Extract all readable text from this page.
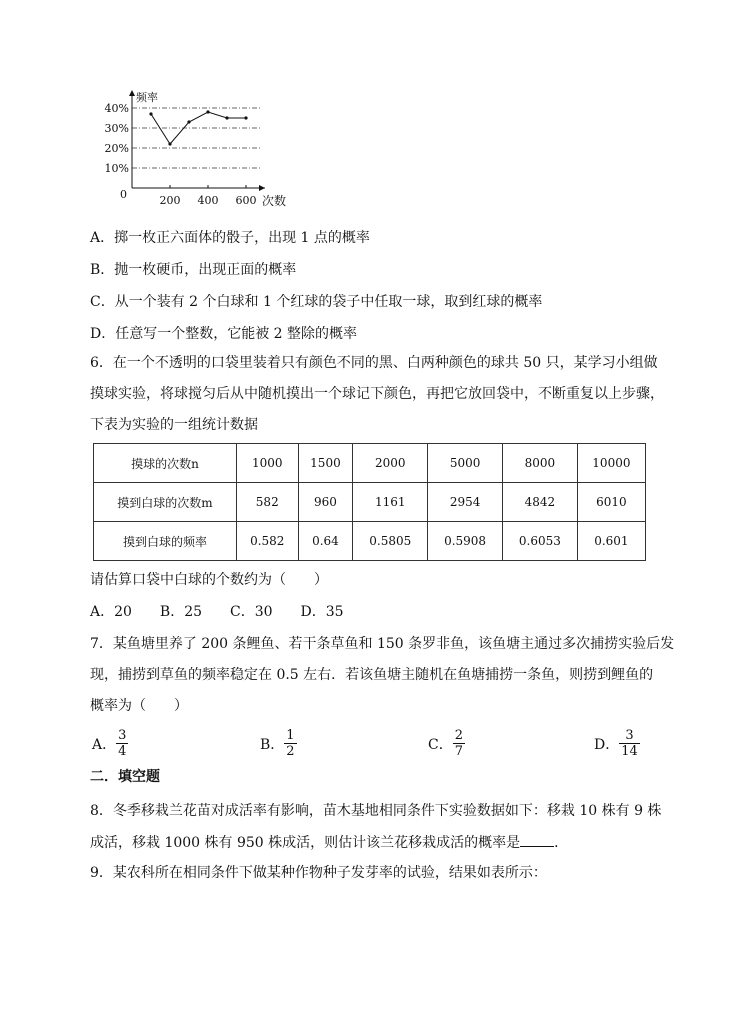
10%
20%
30%
40%
频率
次数
0	200 400 600
A．掷一枚正六面体的骰子，出现 1 点的概率
B．抛一枚硬币，出现正面的概率
C．从一个装有 2 个白球和 1 个红球的袋子中任取一球，取到红球的概率
D．任意写一个整数，它能被 2 整除的概率
6．在一个不透明的口袋里装着只有颜色不同的黑、白两种颜色的球共 50 只，某学习小组做
摸球实验，将球搅匀后从中随机摸出一个球记下颜色，再把它放回袋中，不断重复以上步骤，
下表为实验的一组统计数据
摸球的次数n	1000	1500	2000	5000	8000	10000
摸到白球的次数m	582	960	1161	2954	4842	6010
摸到白球的频率	0.582	0.64	0.5805	0.5908	0.6053	0.601
请估算口袋中白球的个数约为（　　）
A．20　　B．25　　C．30　　D．35
7．某鱼塘里养了 200 条鲤鱼、若干条草鱼和 150 条罗非鱼，该鱼塘主通过多次捕捞实验后发
现，捕捞到草鱼的频率稳定在 0.5 左右．若该鱼塘主随机在鱼塘捕捞一条鱼，则捞到鲤鱼的
概率为（　　）
A． $\frac{3}{4}$	B． $\frac{1}{2}$	C． $\frac{2}{7}$	D． $\frac{3}{14}$
二．填空题
8．冬季移栽兰花苗对成活率有影响，苗木基地相同条件下实验数据如下：移栽 10 株有 9 株
成活，移栽 1000 株有 950 株成活，则估计该兰花移栽成活的概率是 ．
9．某农科所在相同条件下做某种作物种子发芽率的试验，结果如表所示：
